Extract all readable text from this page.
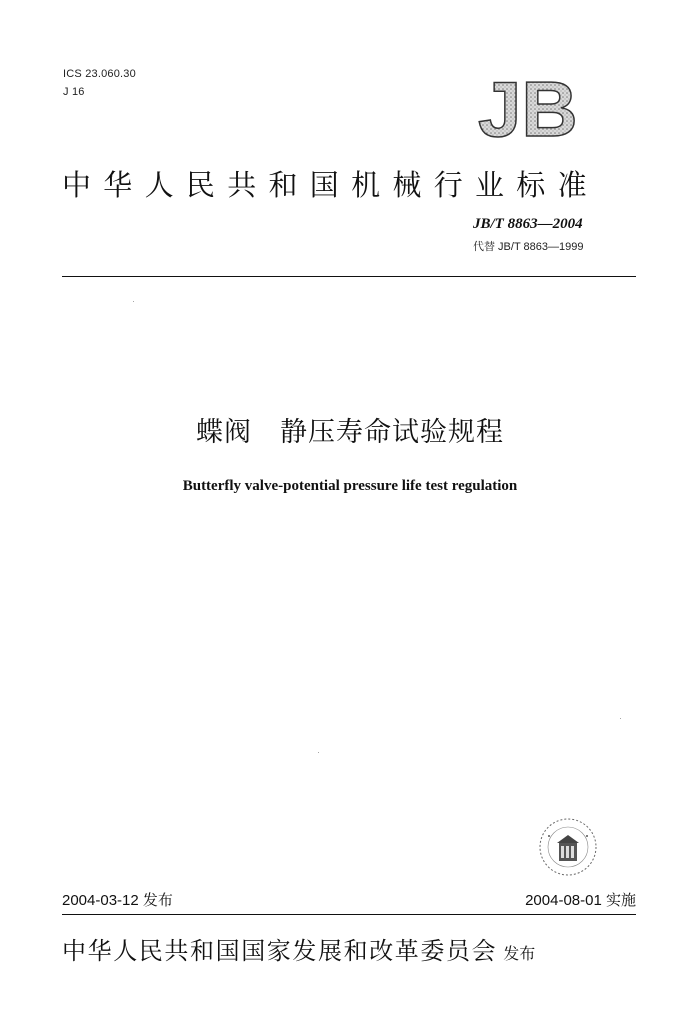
ICS 23.060.30
J 16	JB
中华人民共和国机械行业标准
JB/T 8863—2004
代替 JB/T 8863—1999
蝶阀　静压寿命试验规程
Butterfly valve-potential pressure life test regulation
2004-03-12 发布	2004-08-01 实施
中华人民共和国国家发展和改革委员会 发布
